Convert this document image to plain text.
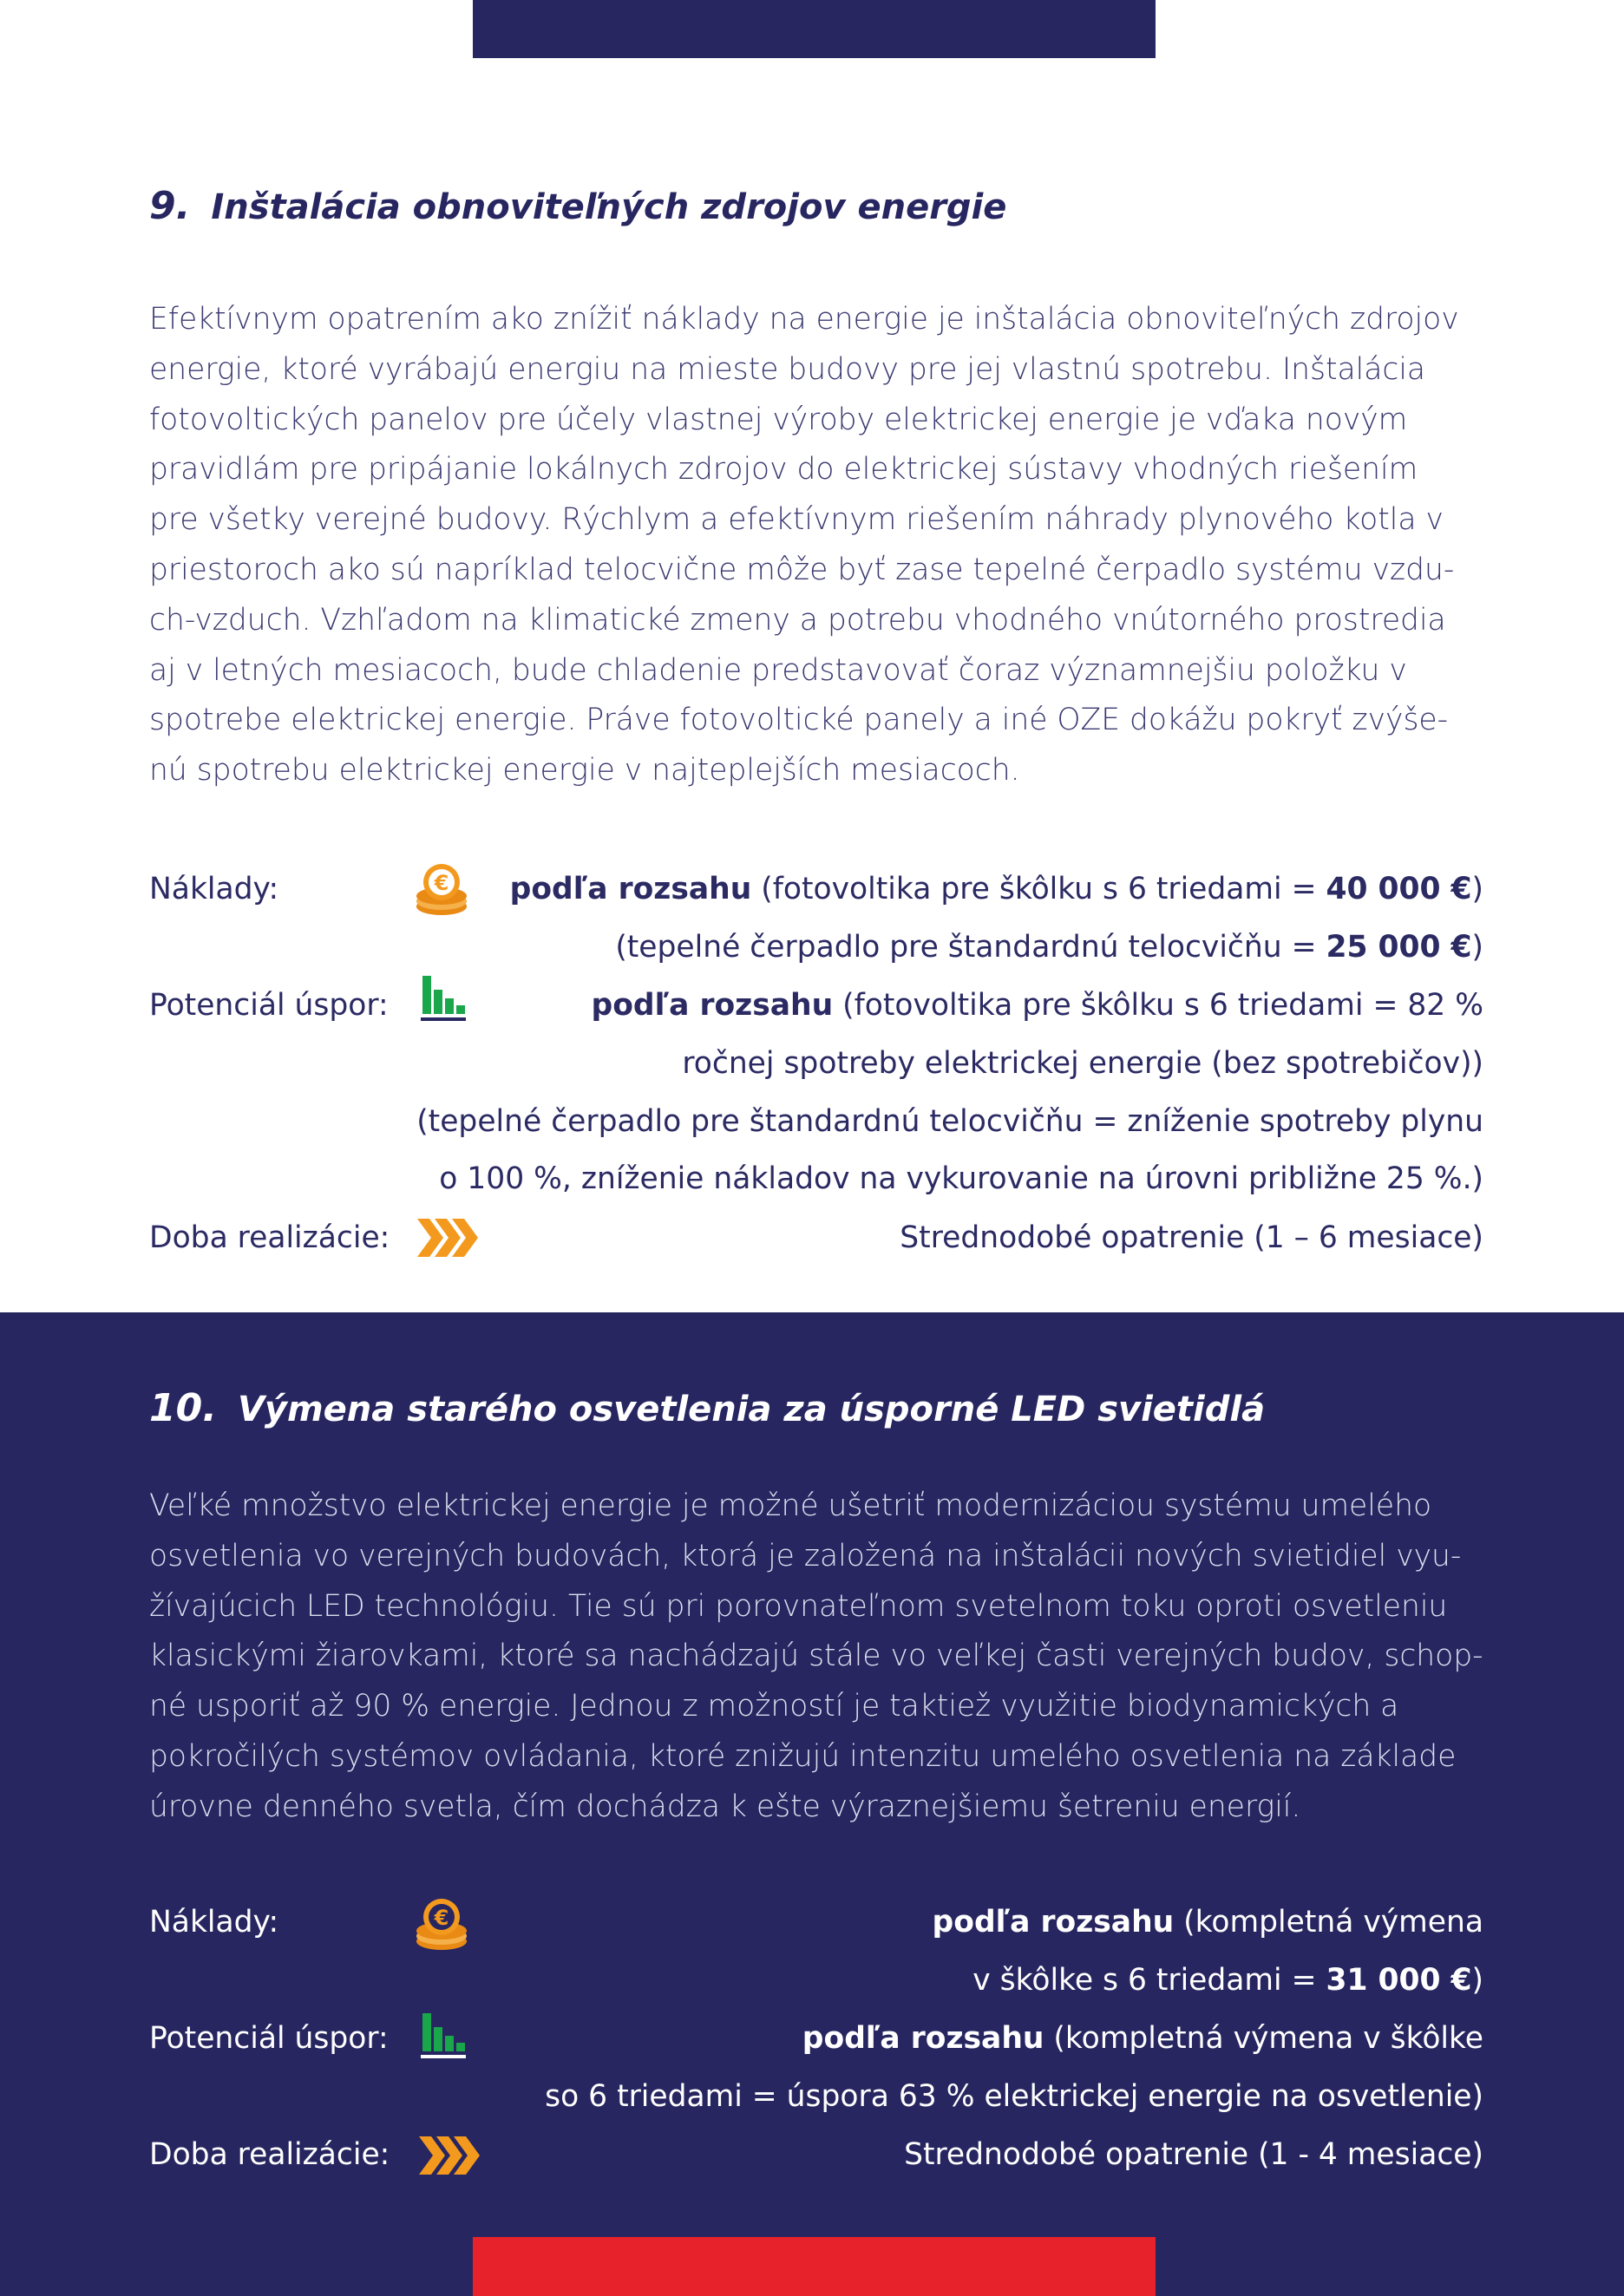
9. Inštalácia obnoviteľných zdrojov energie
Efektívnym opatrením ako znížiť náklady na energie je inštalácia obnoviteľných zdrojov
energie, ktoré vyrábajú energiu na mieste budovy pre jej vlastnú spotrebu. Inštalácia
fotovoltických panelov pre účely vlastnej výroby elektrickej energie je vďaka novým
pravidlám pre pripájanie lokálnych zdrojov do elektrickej sústavy vhodných riešením
pre všetky verejné budovy. Rýchlym a efektívnym riešením náhrady plynového kotla v
priestoroch ako sú napríklad telocvične môže byť zase tepelné čerpadlo systému vzdu-
ch-vzduch. Vzhľadom na klimatické zmeny a potrebu vhodného vnútorného prostredia
aj v letných mesiacoch, bude chladenie predstavovať čoraz významnejšiu položku v
spotrebe elektrickej energie. Práve fotovoltické panely a iné OZE dokážu pokryť zvýše-
nú spotrebu elektrickej energie v najteplejších mesiacoch.
Náklady:	podľa rozsahu (fotovoltika pre škôlku s 6 triedami = 40 000 €)
€
(tepelné čerpadlo pre štandardnú telocvičňu = 25 000 €)
Potenciál úspor:	podľa rozsahu (fotovoltika pre škôlku s 6 triedami = 82 %
ročnej spotreby elektrickej energie (bez spotrebičov))
(tepelné čerpadlo pre štandardnú telocvičňu = zníženie spotreby plynu
o 100 %, zníženie nákladov na vykurovanie na úrovni približne 25 %.)
Doba realizácie:	Strednodobé opatrenie (1 – 6 mesiace)
10. Výmena starého osvetlenia za úsporné LED svietidlá
Veľké množstvo elektrickej energie je možné ušetriť modernizáciou systému umelého
osvetlenia vo verejných budovách, ktorá je založená na inštalácii nových svietidiel vyu-
žívajúcich LED technológiu. Tie sú pri porovnateľnom svetelnom toku oproti osvetleniu
klasickými žiarovkami, ktoré sa nachádzajú stále vo veľkej časti verejných budov, schop-
né usporiť až 90 % energie. Jednou z možností je taktiež využitie biodynamických a
pokročilých systémov ovládania, ktoré znižujú intenzitu umelého osvetlenia na základe
úrovne denného svetla, čím dochádza k ešte výraznejšiemu šetreniu energií.
Náklady:	podľa rozsahu (kompletná výmena
€
v škôlke s 6 triedami = 31 000 €)
Potenciál úspor:	podľa rozsahu (kompletná výmena v škôlke
so 6 triedami = úspora 63 % elektrickej energie na osvetlenie)
Doba realizácie:	Strednodobé opatrenie (1 - 4 mesiace)
